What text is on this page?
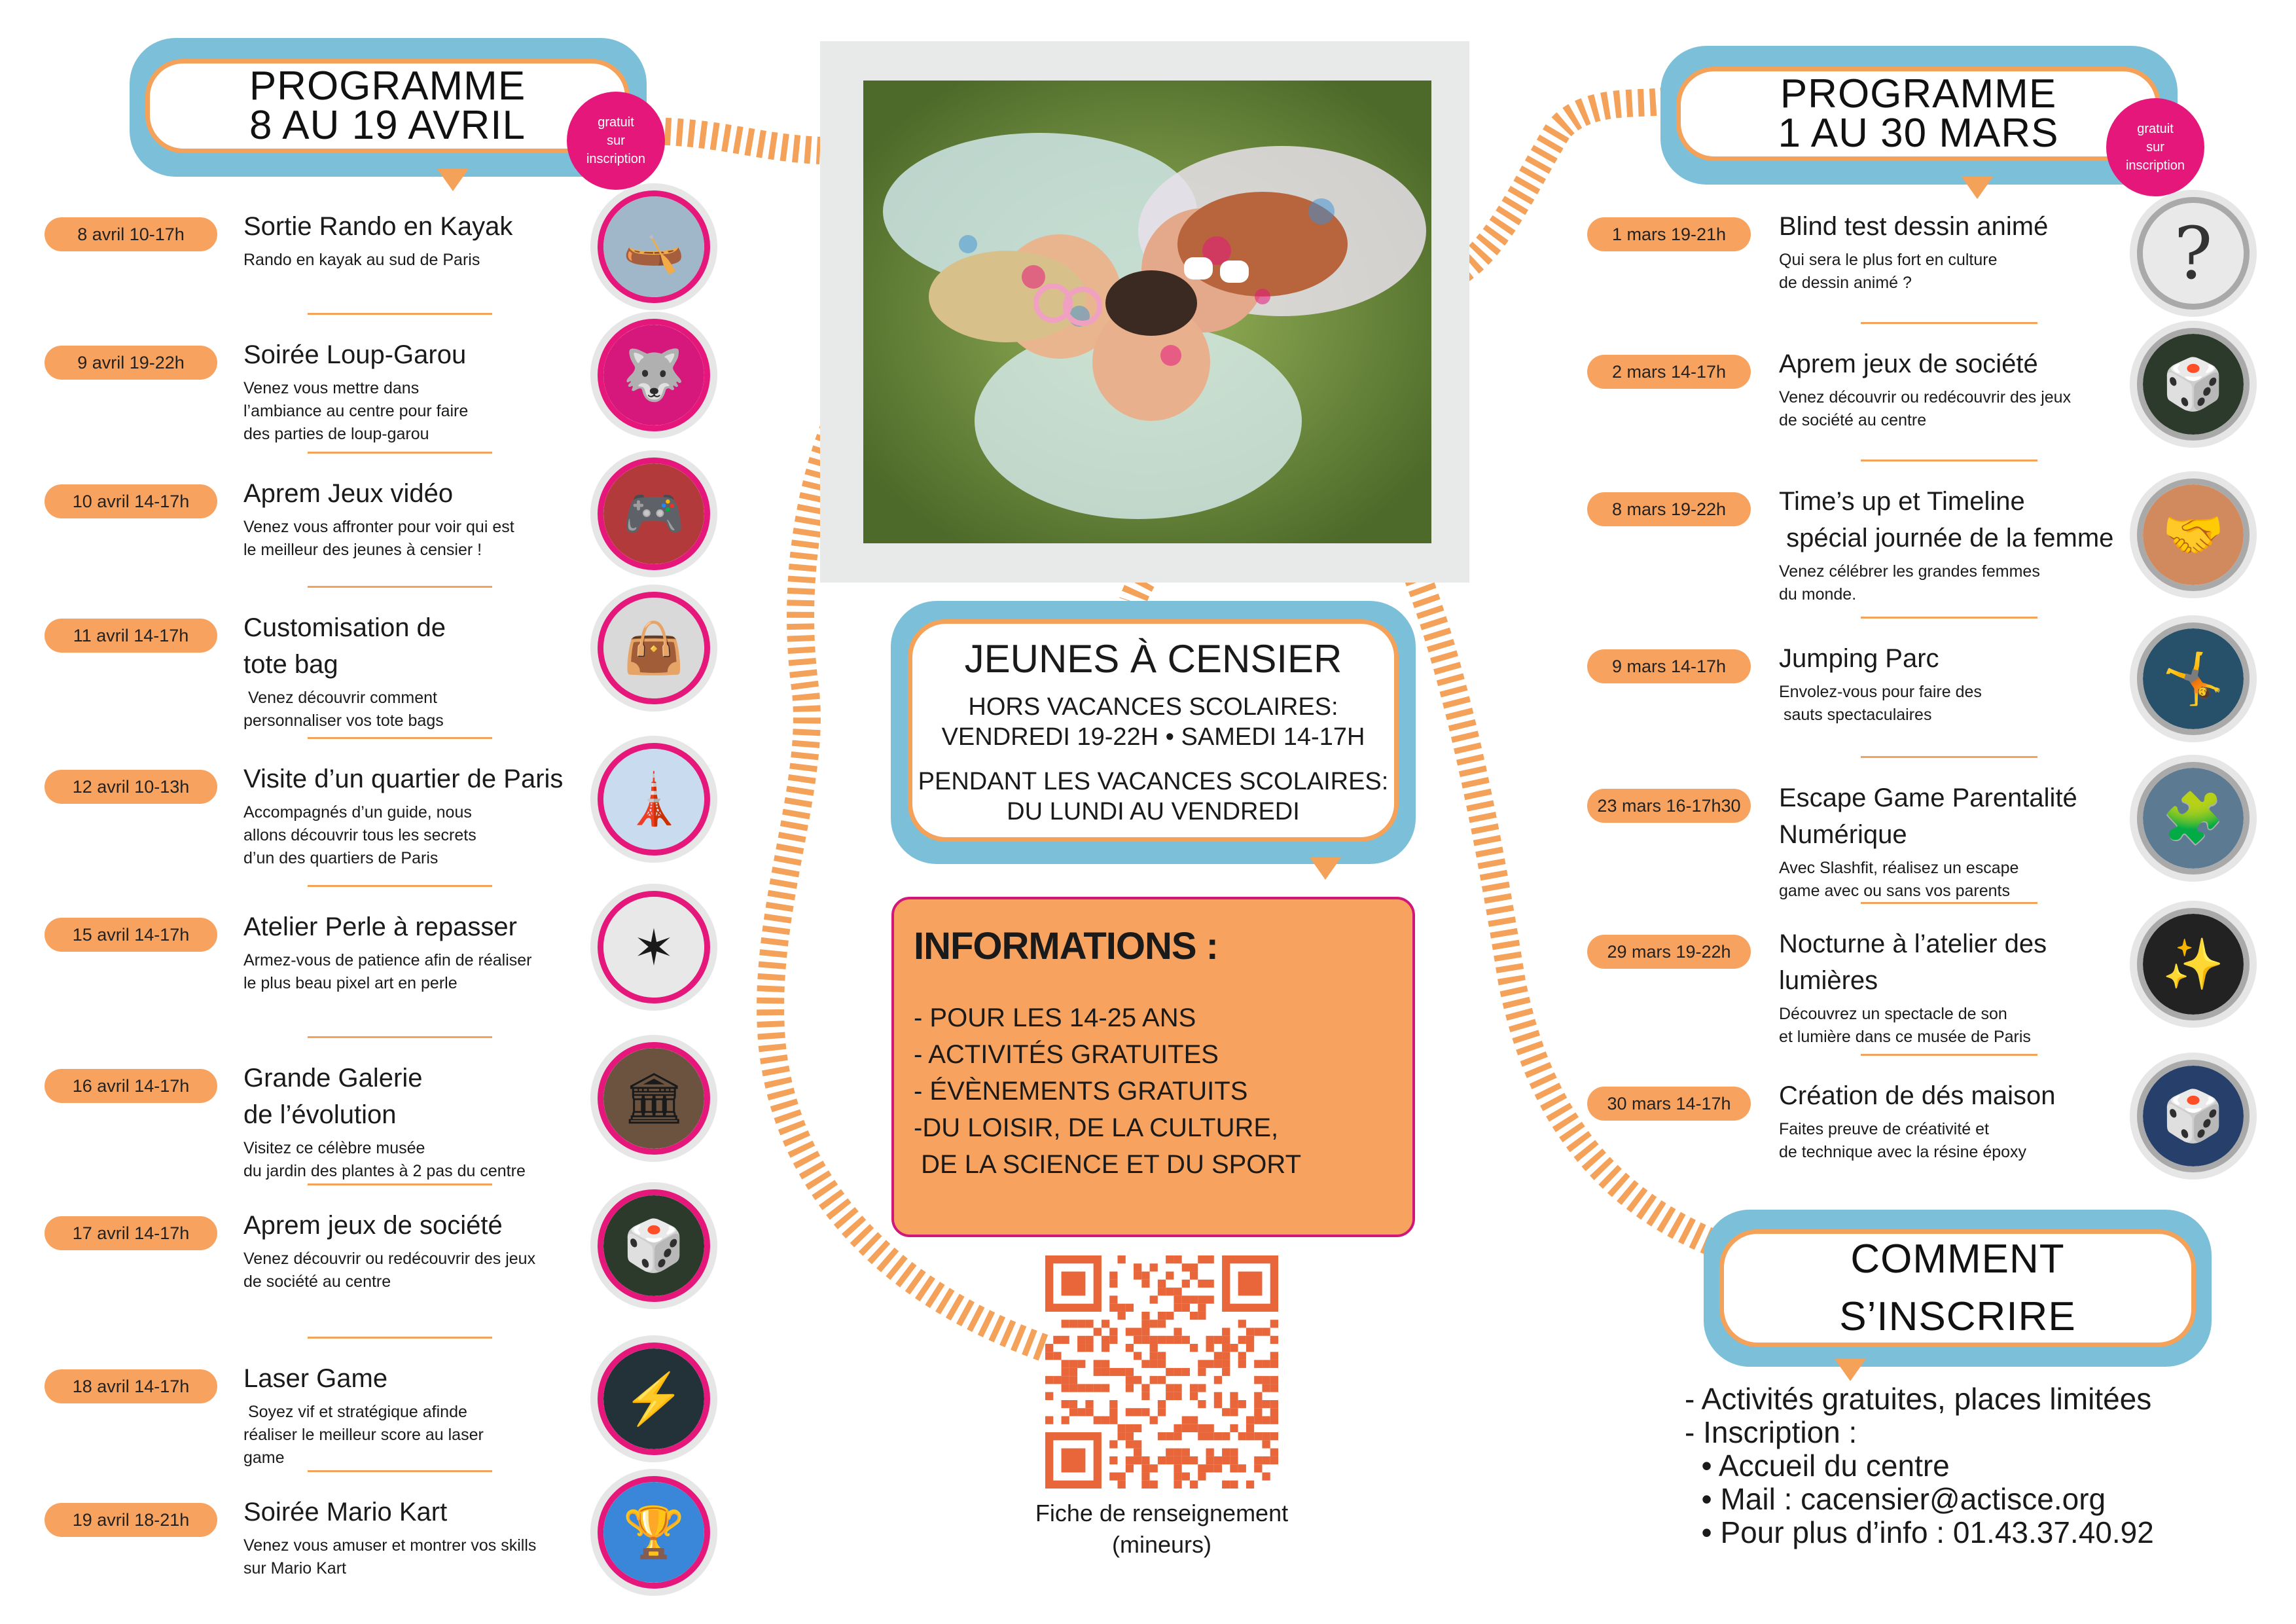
PROGRAMME
8 AU 19 AVRIL	gratuit
sur
inscription
PROGRAMME
1 AU 30 MARS	gratuit
sur
inscription
8 avril 10-17h	Sortie Rando en Kayak
Rando en kayak au sud de Paris	🛶
9 avril 19-22h	Soirée Loup-Garou
Venez vous mettre dans
l’ambiance au centre pour faire
des parties de loup-garou
🐺
10 avril 14-17h	Aprem Jeux vidéo
Venez vous affronter pour voir qui est
le meilleur des jeunes à censier !
🎮
11 avril 14-17h	Customisation de
tote bag
Venez découvrir comment
personnaliser vos tote bags
👜
12 avril 10-13h	Visite d’un quartier de Paris
Accompagnés d’un guide, nous
allons découvrir tous les secrets
d’un des quartiers de Paris
🗼
15 avril 14-17h	Atelier Perle à repasser
Armez-vous de patience afin de réaliser
le plus beau pixel art en perle
✶
16 avril 14-17h	Grande Galerie
de l’évolution
Visitez ce célèbre musée
du jardin des plantes à 2 pas du centre
🏛
17 avril 14-17h	Aprem jeux de société
Venez découvrir ou redécouvrir des jeux
de société au centre
🎲
18 avril 14-17h	Laser Game
Soyez vif et stratégique afinde
réaliser le meilleur score au laser
game
⚡
19 avril 18-21h	Soirée Mario Kart
Venez vous amuser et montrer vos skills
sur Mario Kart
🏆
1 mars 19-21h	Blind test dessin animé
Qui sera le plus fort en culture
de dessin animé ?	?
2 mars 14-17h	Aprem jeux de société
Venez découvrir ou redécouvrir des jeux
de société au centre
🎲
8 mars 19-22h	Time’s up et Timeline
spécial journée de la femme
Venez célébrer les grandes femmes
du monde.
🤝
9 mars 14-17h	Jumping Parc
Envolez-vous pour faire des
sauts spectaculaires
🤸
23 mars 16-17h30	Escape Game Parentalité
Numérique
Avec Slashfit, réalisez un escape
game avec ou sans vos parents
🧩
29 mars 19-22h	Nocturne à l’atelier des
lumières
Découvrez un spectacle de son
et lumière dans ce musée de Paris
✨
30 mars 14-17h	Création de dés maison
Faites preuve de créativité et
de technique avec la résine époxy
🎲
JEUNES À CENSIER
HORS VACANCES SCOLAIRES:
VENDREDI 19-22H • SAMEDI 14-17H
PENDANT LES VACANCES SCOLAIRES:
DU LUNDI AU VENDREDI
INFORMATIONS :
- POUR LES 14-25 ANS
- ACTIVITÉS GRATUITES
- ÉVÈNEMENTS GRATUITS
-DU LOISIR, DE LA CULTURE,
DE LA SCIENCE ET DU SPORT
Fiche de renseignement
(mineurs)
COMMENT
S’INSCRIRE
- Activités gratuites, places limitées
- Inscription :
• Accueil du centre
• Mail : cacensier@actisce.org
• Pour plus d’info : 01.43.37.40.92
